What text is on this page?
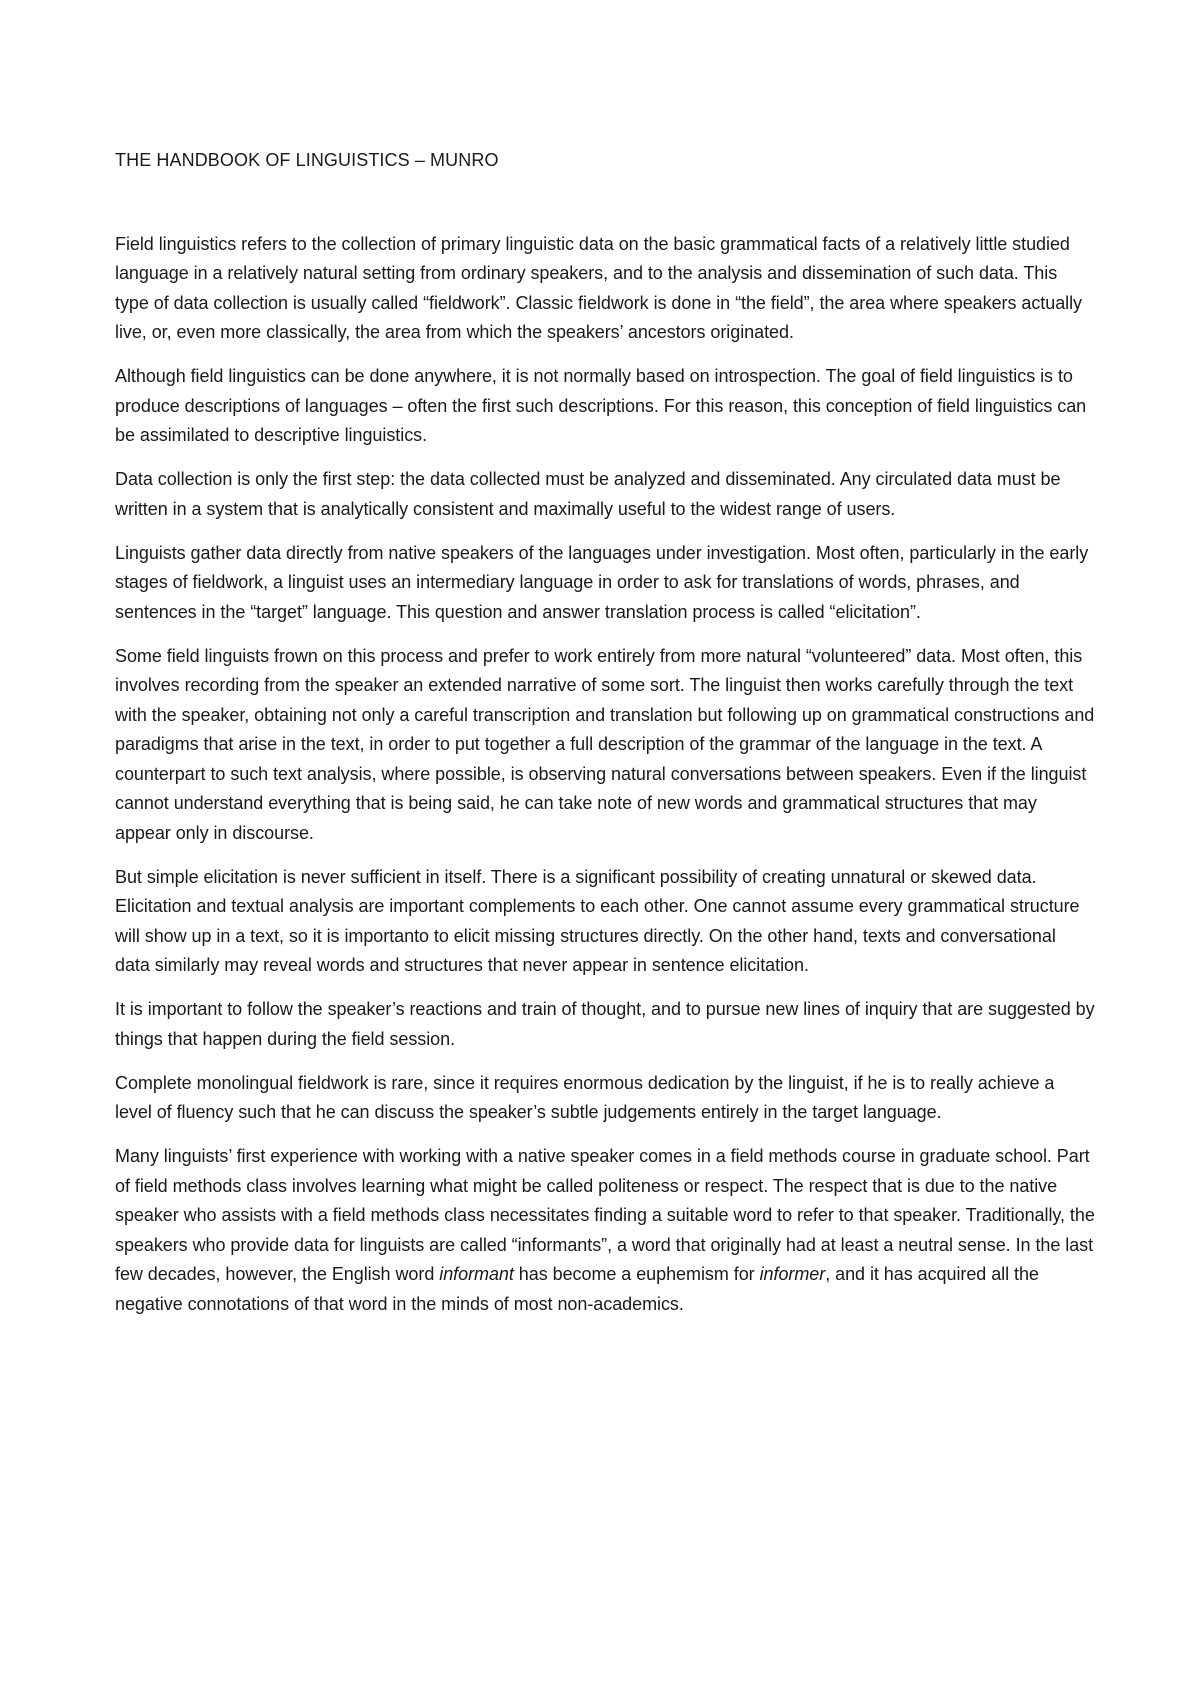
THE HANDBOOK OF LINGUISTICS – MUNRO

Field linguistics refers to the collection of primary linguistic data on the basic grammatical facts of a relatively little studied language in a relatively natural setting from ordinary speakers, and to the analysis and dissemination of such data. This type of data collection is usually called “fieldwork”. Classic fieldwork is done in “the field”, the area where speakers actually live, or, even more classically, the area from which the speakers’ ancestors originated.

Although field linguistics can be done anywhere, it is not normally based on introspection. The goal of field linguistics is to produce descriptions of languages – often the first such descriptions. For this reason, this conception of field linguistics can be assimilated to descriptive linguistics.

Data collection is only the first step: the data collected must be analyzed and disseminated. Any circulated data must be written in a system that is analytically consistent and maximally useful to the widest range of users.

Linguists gather data directly from native speakers of the languages under investigation. Most often, particularly in the early stages of fieldwork, a linguist uses an intermediary language in order to ask for translations of words, phrases, and sentences in the “target” language. This question and answer translation process is called “elicitation”.

Some field linguists frown on this process and prefer to work entirely from more natural “volunteered” data. Most often, this involves recording from the speaker an extended narrative of some sort. The linguist then works carefully through the text with the speaker, obtaining not only a careful transcription and translation but following up on grammatical constructions and paradigms that arise in the text, in order to put together a full description of the grammar of the language in the text. A counterpart to such text analysis, where possible, is observing natural conversations between speakers. Even if the linguist cannot understand everything that is being said, he can take note of new words and grammatical structures that may appear only in discourse.

But simple elicitation is never sufficient in itself. There is a significant possibility of creating unnatural or skewed data. Elicitation and textual analysis are important complements to each other. One cannot assume every grammatical structure will show up in a text, so it is importanto to elicit missing structures directly. On the other hand, texts and conversational data similarly may reveal words and structures that never appear in sentence elicitation.

It is important to follow the speaker’s reactions and train of thought, and to pursue new lines of inquiry that are suggested by things that happen during the field session.

Complete monolingual fieldwork is rare, since it requires enormous dedication by the linguist, if he is to really achieve a level of fluency such that he can discuss the speaker’s subtle judgements entirely in the target language.

Many linguists’ first experience with working with a native speaker comes in a field methods course in graduate school. Part of field methods class involves learning what might be called politeness or respect. The respect that is due to the native speaker who assists with a field methods class necessitates finding a suitable word to refer to that speaker. Traditionally, the speakers who provide data for linguists are called “informants”, a word that originally had at least a neutral sense. In the last few decades, however, the English word informant has become a euphemism for informer, and it has acquired all the negative connotations of that word in the minds of most non-academics.
